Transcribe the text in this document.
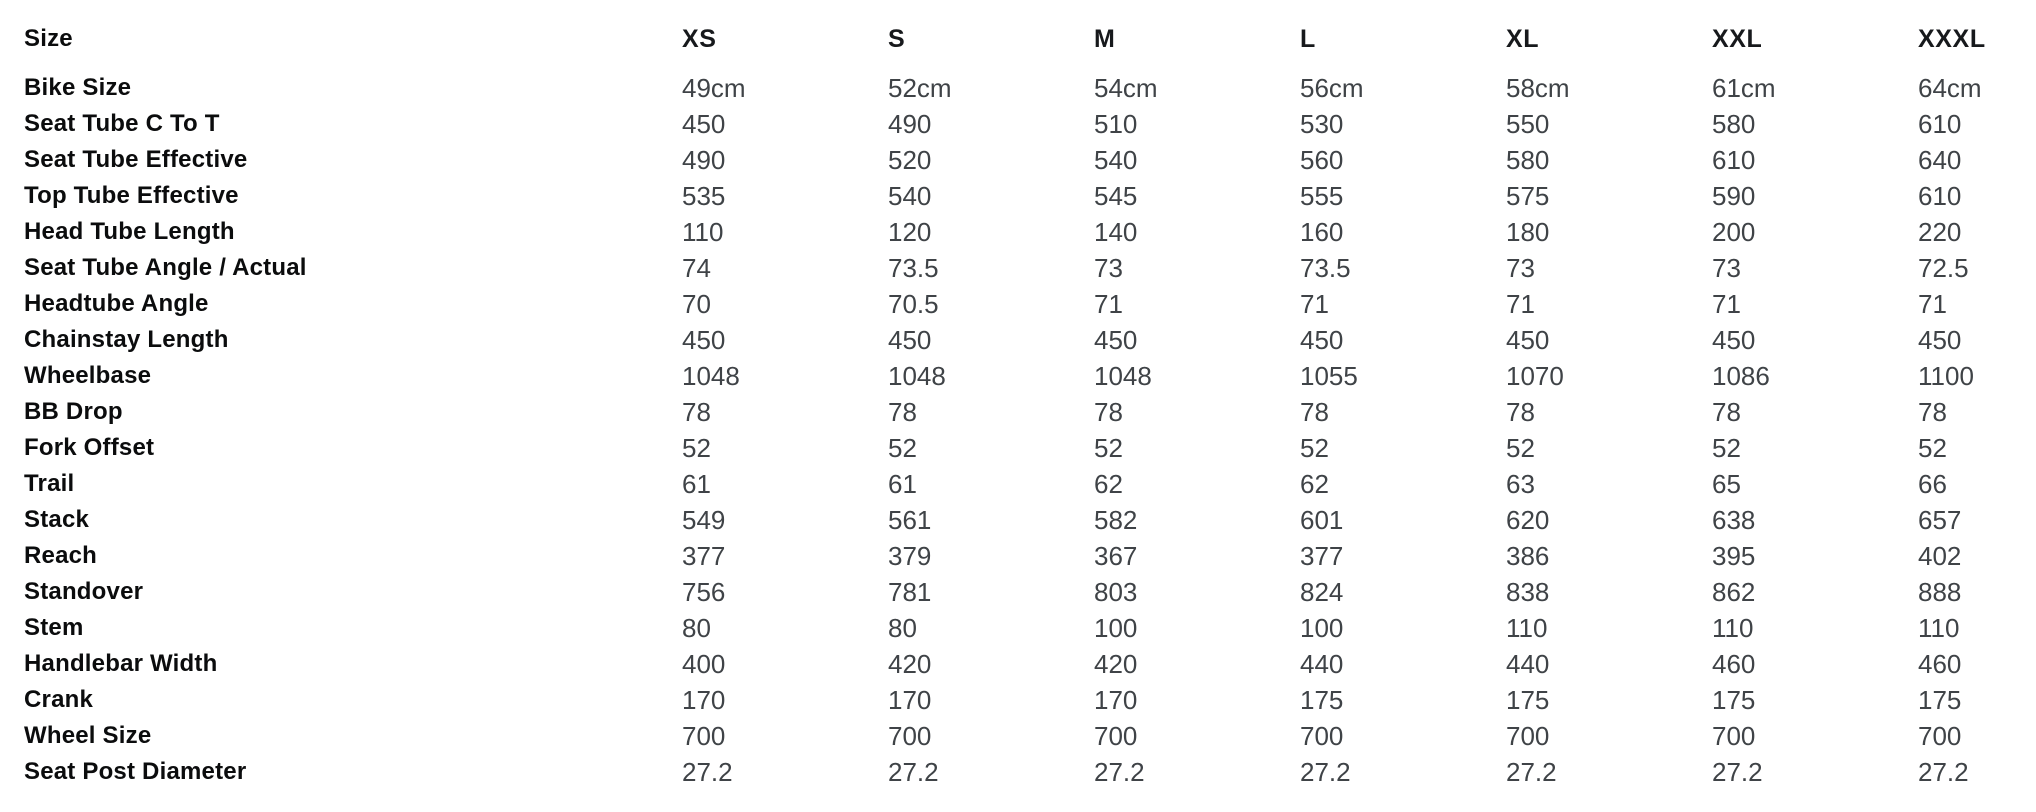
Size	XS	S	M	L	XL	XXL	XXXL
Bike Size	49cm	52cm	54cm	56cm	58cm	61cm	64cm
Seat Tube C To T	450	490	510	530	550	580	610
Seat Tube Effective	490	520	540	560	580	610	640
Top Tube Effective	535	540	545	555	575	590	610
Head Tube Length	110	120	140	160	180	200	220
Seat Tube Angle / Actual	74	73.5	73	73.5	73	73	72.5
Headtube Angle	70	70.5	71	71	71	71	71
Chainstay Length	450	450	450	450	450	450	450
Wheelbase	1048	1048	1048	1055	1070	1086	1100
BB Drop	78	78	78	78	78	78	78
Fork Offset	52	52	52	52	52	52	52
Trail	61	61	62	62	63	65	66
Stack	549	561	582	601	620	638	657
Reach	377	379	367	377	386	395	402
Standover	756	781	803	824	838	862	888
Stem	80	80	100	100	110	110	110
Handlebar Width	400	420	420	440	440	460	460
Crank	170	170	170	175	175	175	175
Wheel Size	700	700	700	700	700	700	700
Seat Post Diameter	27.2	27.2	27.2	27.2	27.2	27.2	27.2
